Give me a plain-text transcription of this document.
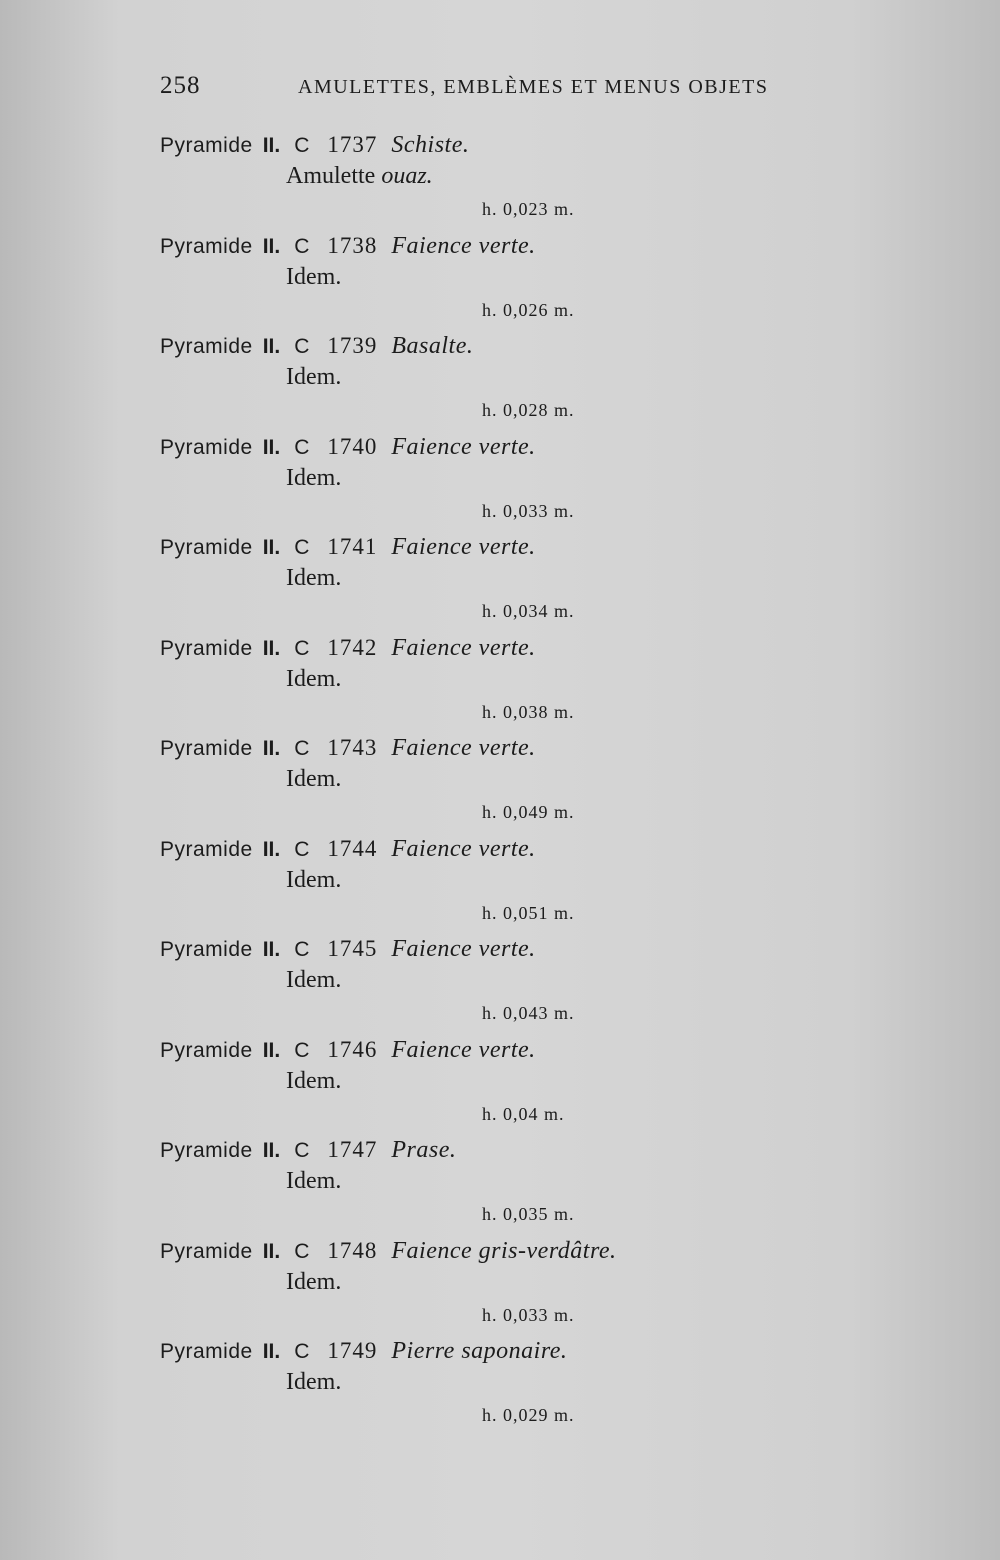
258	AMULETTES, EMBLÈMES ET MENUS OBJETS
Pyramide II. C 1737 Schiste.
Amulette ouaz.
h. 0,023 m.
Pyramide II. C 1738 Faience verte.
Idem.
h. 0,026 m.
Pyramide II. C 1739 Basalte.
Idem.
h. 0,028 m.
Pyramide II. C 1740 Faience verte.
Idem.
h. 0,033 m.
Pyramide II. C 1741 Faience verte.
Idem.
h. 0,034 m.
Pyramide II. C 1742 Faience verte.
Idem.
h. 0,038 m.
Pyramide II. C 1743 Faience verte.
Idem.
h. 0,049 m.
Pyramide II. C 1744 Faience verte.
Idem.
h. 0,051 m.
Pyramide II. C 1745 Faience verte.
Idem.
h. 0,043 m.
Pyramide II. C 1746 Faience verte.
Idem.
h. 0,04 m.
Pyramide II. C 1747 Prase.
Idem.
h. 0,035 m.
Pyramide II. C 1748 Faience gris-verdâtre.
Idem.
h. 0,033 m.
Pyramide II. C 1749 Pierre saponaire.
Idem.
h. 0,029 m.
